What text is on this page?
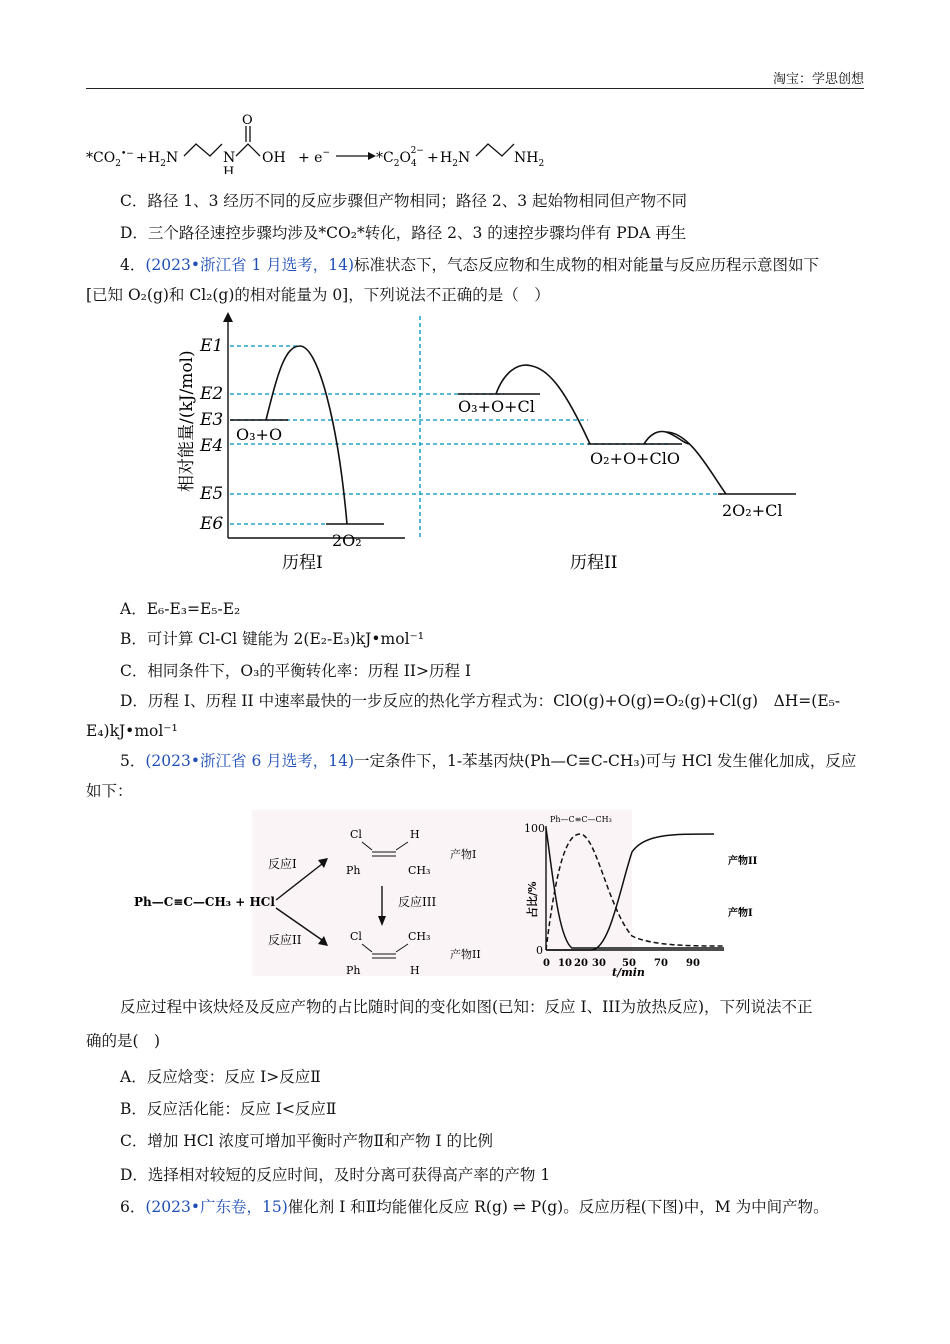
淘宝：学思创想
$*CO_2^{•-} + H_2N$	N
H
O
OH + e−	$*C_2O_42- + H_2N$	$NH_2$
C．路径 1、3 经历不同的反应步骤但产物相同；路径 2、3 起始物相同但产物不同
D．三个路径速控步骤均涉及*CO₂*转化，路径 2、3 的速控步骤均伴有 PDA 再生
4．(2023•浙江省 1 月选考，14)标准状态下，气态反应物和生成物的相对能量与反应历程示意图如下
[已知 O₂(g)和 Cl₂(g)的相对能量为 0]，下列说法不正确的是（　）
相对能量/(kJ/mol)
E1
E2
E3
E4
E5
E6
O₃+O
2O₂
O₃+O+Cl
O₂+O+ClO
2O₂+Cl
历程I	历程II
A．E₆-E₃=E₅-E₂
B．可计算 Cl-Cl 键能为 2(E₂-E₃)kJ•mol⁻¹
C．相同条件下，O₃的平衡转化率：历程 II>历程 I
D．历程 I、历程 II 中速率最快的一步反应的热化学方程式为：ClO(g)+O(g)=O₂(g)+Cl(g)　ΔH=(E₅-
E₄)kJ•mol⁻¹
5．(2023•浙江省 6 月选考，14)一定条件下，1-苯基丙炔(Ph—C≡C-CH₃)可与 HCl 发生催化加成，反应
如下：
Ph—C≡C—CH₃ + HCl
反应I
反应II
Cl	H
Ph	CH₃
产物I
反应III
Cl	CH₃
Ph	H
产物II
100
0
占比/%
0 10 20 30 50 70 90
t/min
Ph—C≡C—CH₃
产物II
产物I
反应过程中该炔烃及反应产物的占比随时间的变化如图(已知：反应 I、III为放热反应)，下列说法不正
确的是(　)
A．反应焓变：反应 I>反应Ⅱ
B．反应活化能：反应 I<反应Ⅱ
C．增加 HCl 浓度可增加平衡时产物Ⅱ和产物 I 的比例
D．选择相对较短的反应时间，及时分离可获得高产率的产物 1
6．(2023•广东卷，15)催化剂 I 和Ⅱ均能催化反应 R(g) ⇌ P(g)。反应历程(下图)中，M 为中间产物。
